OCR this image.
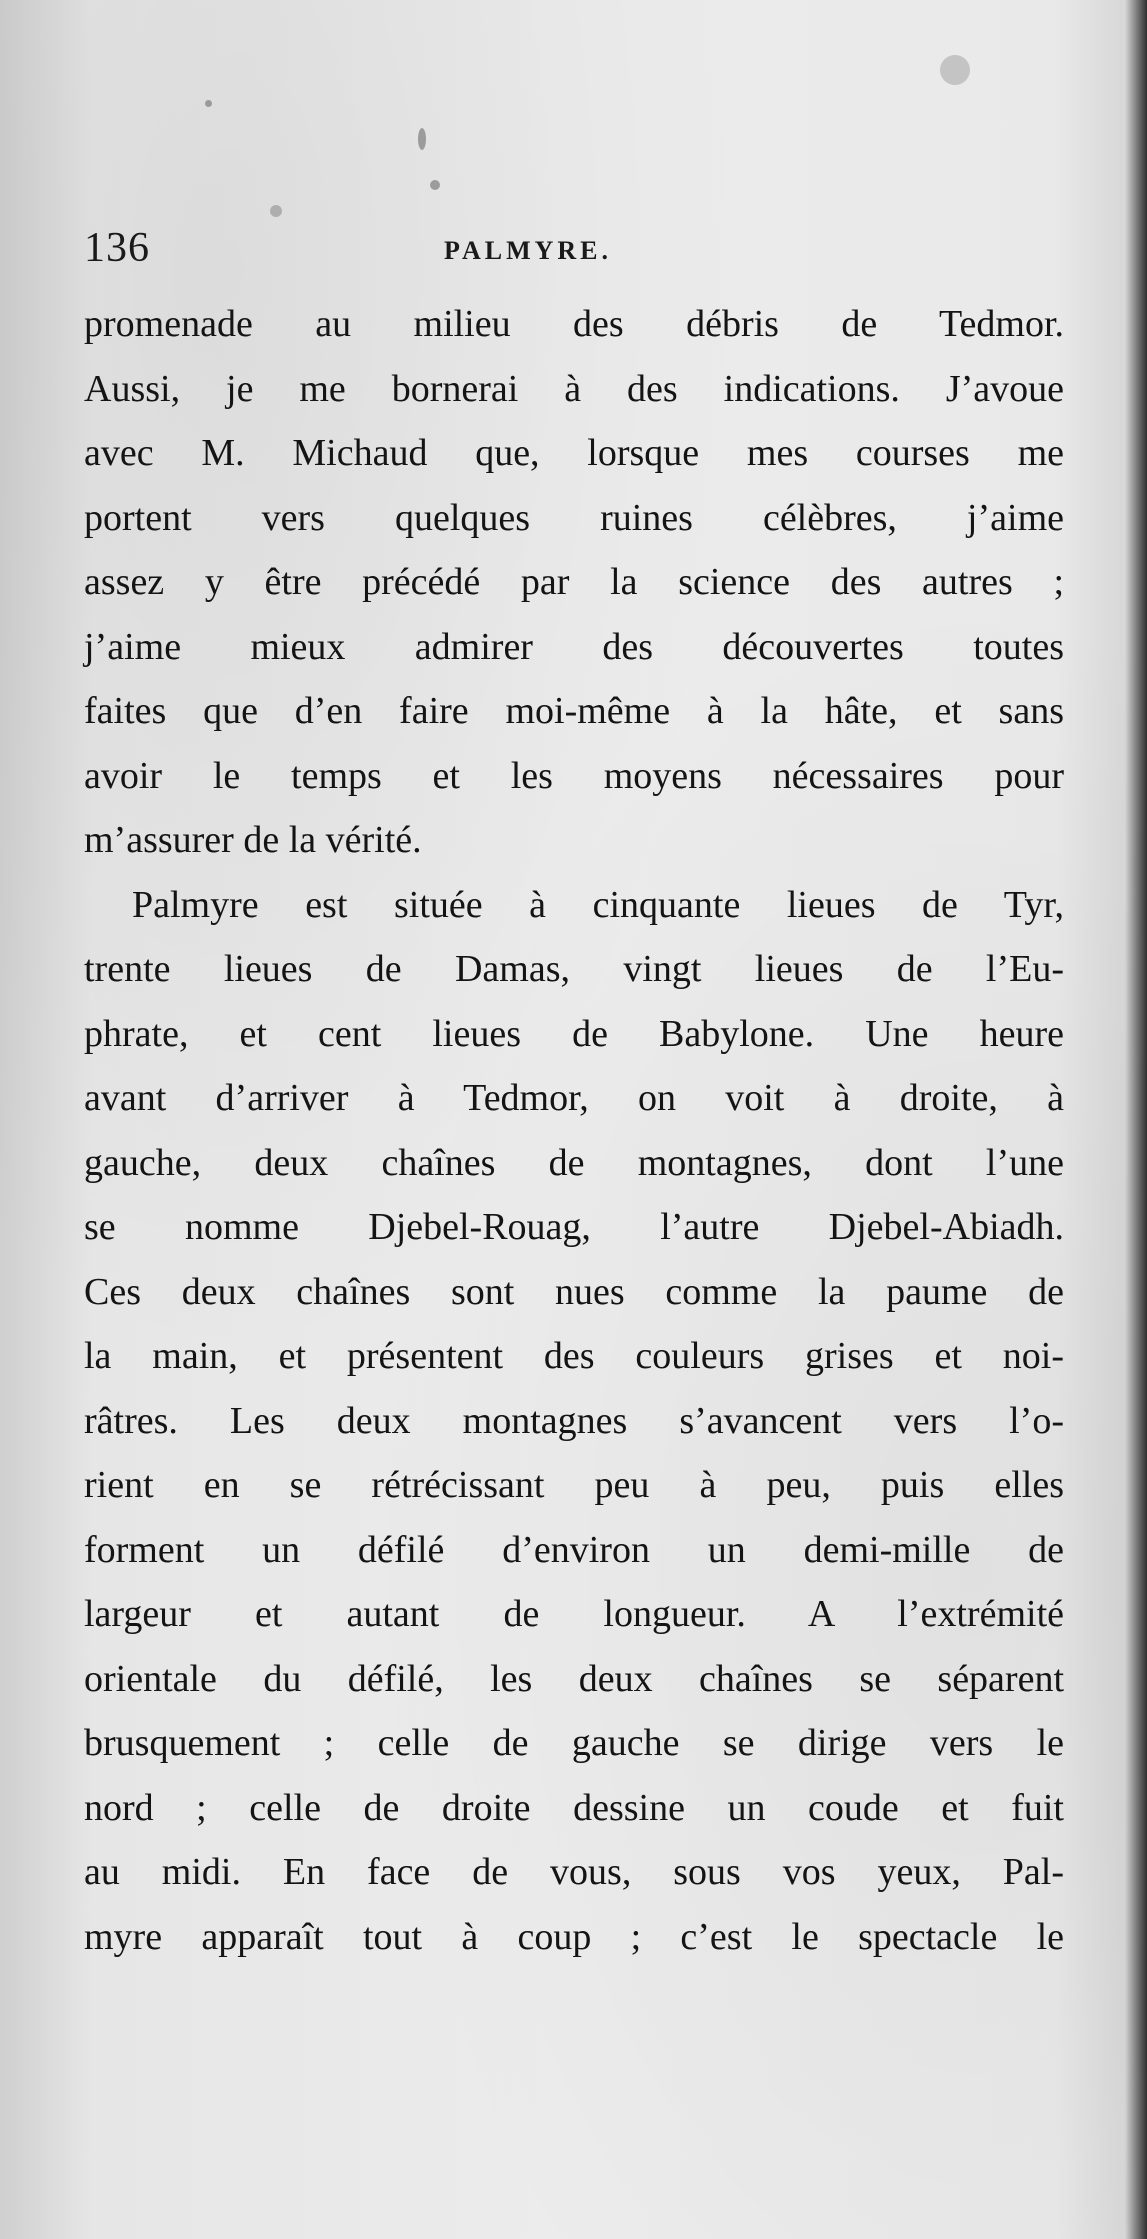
136	PALMYRE.
promenade au milieu des débris de Tedmor.
Aussi, je me bornerai à des indications. J’avoue
avec M. Michaud que, lorsque mes courses me
portent vers quelques ruines célèbres, j’aime
assez y être précédé par la science des autres ;
j’aime mieux admirer des découvertes toutes
faites que d’en faire moi-même à la hâte, et sans
avoir le temps et les moyens nécessaires pour
m’assurer de la vérité.
Palmyre est située à cinquante lieues de Tyr,
trente lieues de Damas, vingt lieues de l’Eu-
phrate, et cent lieues de Babylone. Une heure
avant d’arriver à Tedmor, on voit à droite, à
gauche, deux chaînes de montagnes, dont l’une
se nomme Djebel-Rouag, l’autre Djebel-Abiadh.
Ces deux chaînes sont nues comme la paume de
la main, et présentent des couleurs grises et noi-
râtres. Les deux montagnes s’avancent vers l’o-
rient en se rétrécissant peu à peu, puis elles
forment un défilé d’environ un demi-mille de
largeur et autant de longueur. A l’extrémité
orientale du défilé, les deux chaînes se séparent
brusquement ; celle de gauche se dirige vers le
nord ; celle de droite dessine un coude et fuit
au midi. En face de vous, sous vos yeux, Pal-
myre apparaît tout à coup ; c’est le spectacle le
